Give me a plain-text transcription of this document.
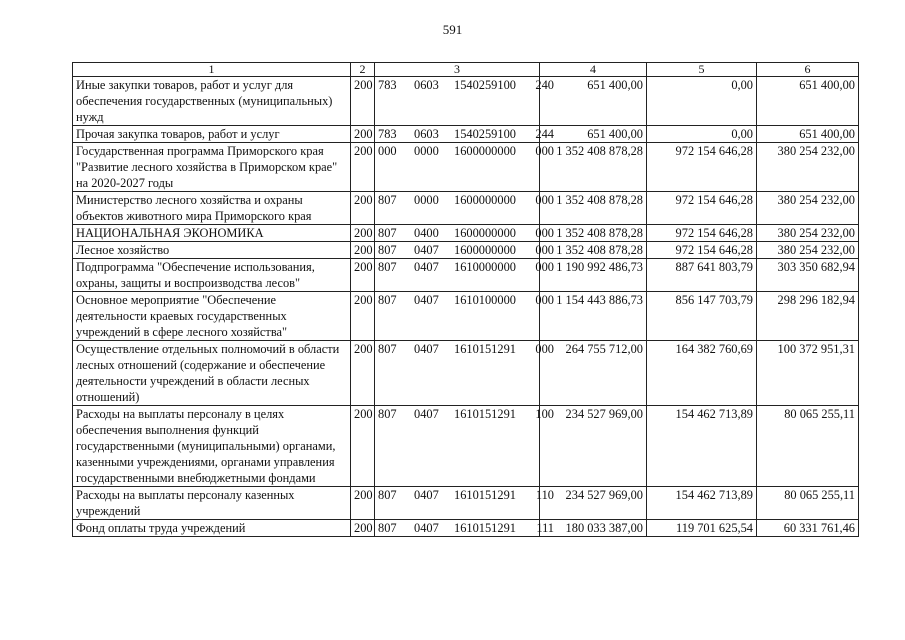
591
1	2	3	4	5	6
Иные закупки товаров, работ и услуг для обеспечения государственных (муниципальных) нужд	200	783 0603 1540259100 240	651 400,00	0,00	651 400,00
Прочая закупка товаров, работ и услуг	200	783 0603 1540259100 244	651 400,00	0,00	651 400,00
Государственная программа Приморского края "Развитие лесного хозяйства в Приморском крае" на 2020-2027 годы	200	000 0000 1600000000 000	1 352 408 878,28	972 154 646,28	380 254 232,00
Министерство лесного хозяйства и охраны объектов животного мира Приморского края	200	807 0000 1600000000 000	1 352 408 878,28	972 154 646,28	380 254 232,00
НАЦИОНАЛЬНАЯ ЭКОНОМИКА	200	807 0400 1600000000 000	1 352 408 878,28	972 154 646,28	380 254 232,00
Лесное хозяйство	200	807 0407 1600000000 000	1 352 408 878,28	972 154 646,28	380 254 232,00
Подпрограмма "Обеспечение использования, охраны, защиты и воспроизводства лесов"	200	807 0407 1610000000 000	1 190 992 486,73	887 641 803,79	303 350 682,94
Основное мероприятие "Обеспечение деятельности краевых государственных учреждений в сфере лесного хозяйства"	200	807 0407 1610100000 000	1 154 443 886,73	856 147 703,79	298 296 182,94
Осуществление отдельных полномочий в области лесных отношений (содержание и обеспечение деятельности учреждений в области лесных отношений)	200	807 0407 1610151291 000	264 755 712,00	164 382 760,69	100 372 951,31
Расходы на выплаты персоналу в целях обеспечения выполнения функций государственными (муниципальными) органами, казенными учреждениями, органами управления государственными внебюджетными фондами	200	807 0407 1610151291 100	234 527 969,00	154 462 713,89	80 065 255,11
Расходы на выплаты персоналу казенных учреждений	200	807 0407 1610151291 110	234 527 969,00	154 462 713,89	80 065 255,11
Фонд оплаты труда учреждений	200	807 0407 1610151291 111	180 033 387,00	119 701 625,54	60 331 761,46
